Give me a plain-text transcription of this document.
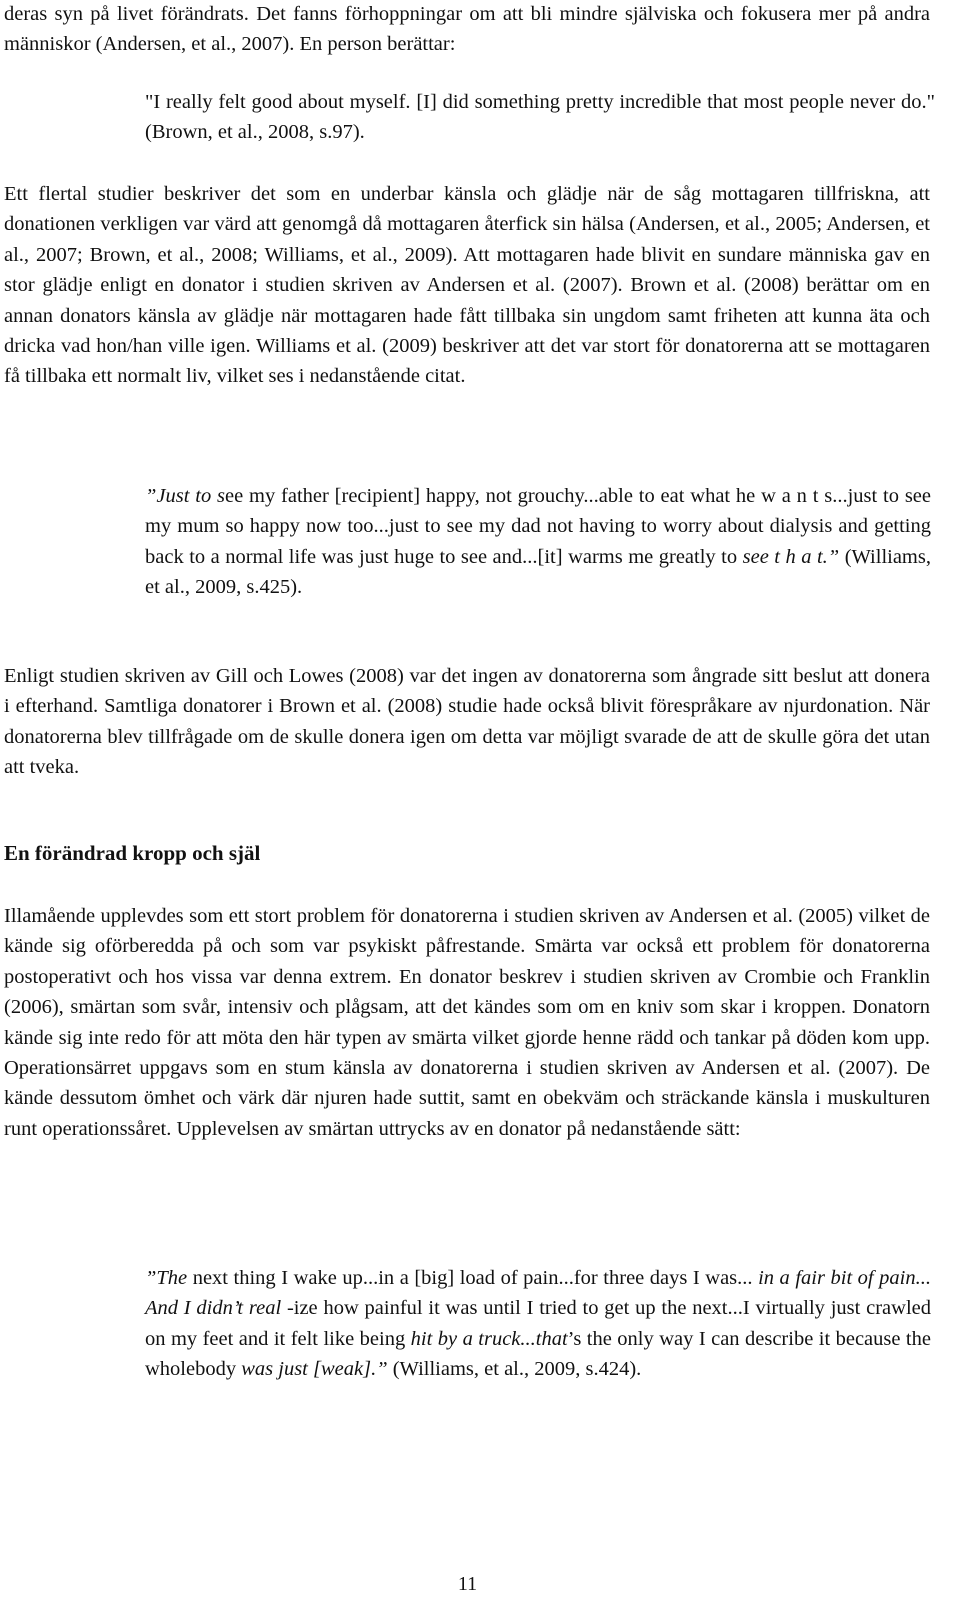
deras syn på livet förändrats. Det fanns förhoppningar om att bli mindre själviska och fokusera mer på andra människor (Andersen, et al., 2007). En person berättar:

"I really felt good about myself. [I] did something pretty incredible that most people never do." (Brown, et al., 2008, s.97).

Ett flertal studier beskriver det som en underbar känsla och glädje när de såg mottagaren tillfriskna, att donationen verkligen var värd att genomgå då mottagaren återfick sin hälsa (Andersen, et al., 2005; Andersen, et al., 2007; Brown, et al., 2008; Williams, et al., 2009). Att mottagaren hade blivit en sundare människa gav en stor glädje enligt en donator i studien skriven av Andersen et al. (2007). Brown et al. (2008) berättar om en annan donators känsla av glädje när mottagaren hade fått tillbaka sin ungdom samt friheten att kunna äta och dricka vad hon/han ville igen. Williams et al. (2009) beskriver att det var stort för donatorerna att se mottagaren få tillbaka ett normalt liv, vilket ses i nedanstående citat.

”Just to see my father [recipient] happy, not grouchy...able to eat what he w a n t s...just to see my mum so happy now too...just to see my dad not having to worry about dialysis and getting back to a normal life was just huge to see and...[it] warms me greatly to see t h a t.” (Williams, et al., 2009, s.425).

Enligt studien skriven av Gill och Lowes (2008) var det ingen av donatorerna som ångrade sitt beslut att donera i efterhand. Samtliga donatorer i Brown et al. (2008) studie hade också blivit förespråkare av njurdonation. När donatorerna blev tillfrågade om de skulle donera igen om detta var möjligt svarade de att de skulle göra det utan att tveka.

En förändrad kropp och själ

Illamående upplevdes som ett stort problem för donatorerna i studien skriven av Andersen et al. (2005) vilket de kände sig oförberedda på och som var psykiskt påfrestande. Smärta var också ett problem för donatorerna postoperativt och hos vissa var denna extrem. En donator beskrev i studien skriven av Crombie och Franklin (2006), smärtan som svår, intensiv och plågsam, att det kändes som om en kniv som skar i kroppen. Donatorn kände sig inte redo för att möta den här typen av smärta vilket gjorde henne rädd och tankar på döden kom upp. Operationsärret uppgavs som en stum känsla av donatorerna i studien skriven av Andersen et al. (2007). De kände dessutom ömhet och värk där njuren hade suttit, samt en obekväm och sträckande känsla i muskulturen runt operationssåret. Upplevelsen av smärtan uttrycks av en donator på nedanstående sätt:

”The next thing I wake up...in a [big] load of pain...for three days I was... in a fair bit of pain... And I didn’t real -ize how painful it was until I tried to get up the next...I virtually just crawled on my feet and it felt like being hit by a truck...that’s the only way I can describe it because the wholebody was just [weak].” (Williams, et al., 2009, s.424).

11
